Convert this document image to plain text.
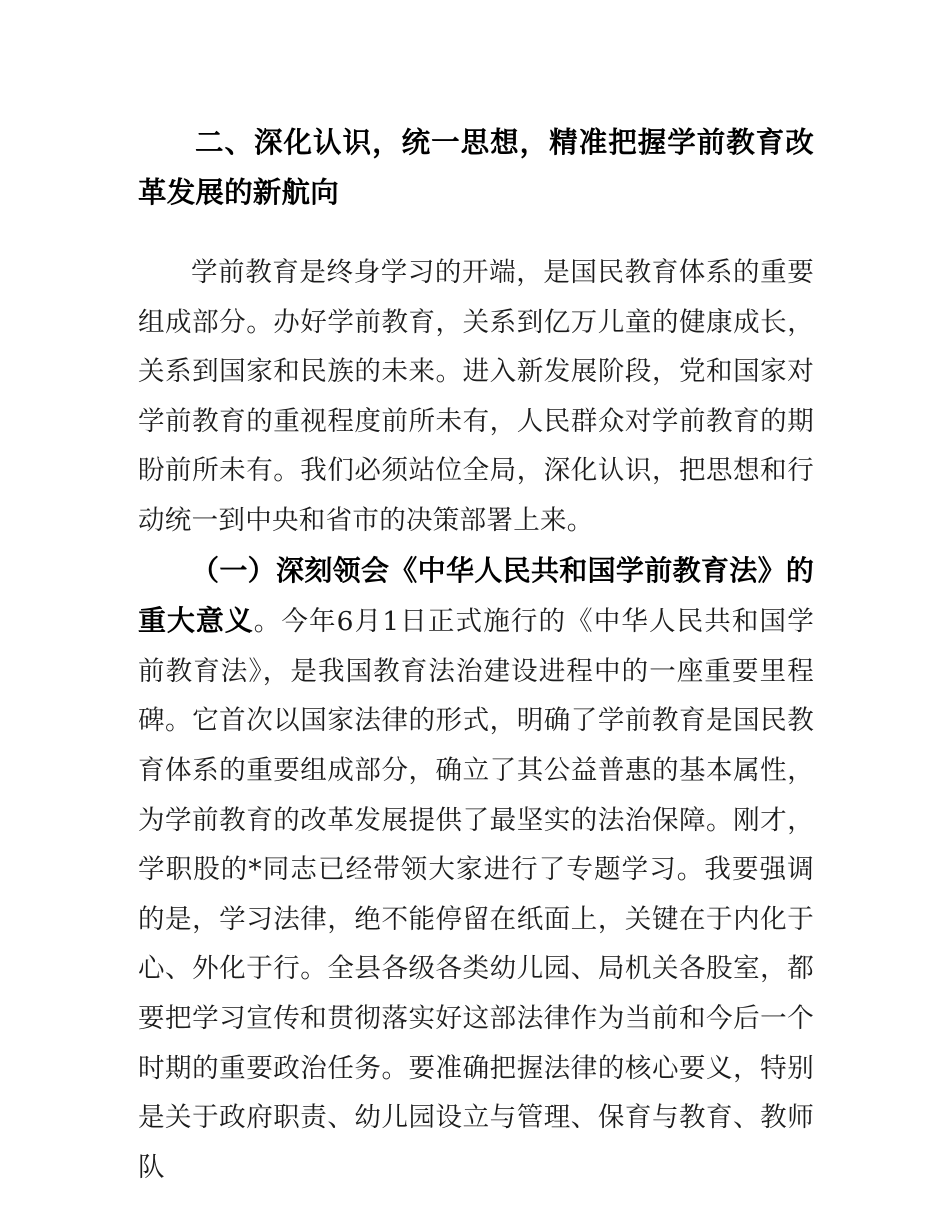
二、深化认识，统一思想，精准把握学前教育改革发展的新航向

学前教育是终身学习的开端，是国民教育体系的重要组成部分。办好学前教育，关系到亿万儿童的健康成长，关系到国家和民族的未来。进入新发展阶段，党和国家对学前教育的重视程度前所未有，人民群众对学前教育的期盼前所未有。我们必须站位全局，深化认识，把思想和行动统一到中央和省市的决策部署上来。

（一）深刻领会《中华人民共和国学前教育法》的重大意义。今年6月1日正式施行的《中华人民共和国学前教育法》，是我国教育法治建设进程中的一座重要里程碑。它首次以国家法律的形式，明确了学前教育是国民教育体系的重要组成部分，确立了其公益普惠的基本属性，为学前教育的改革发展提供了最坚实的法治保障。刚才，学职股的*同志已经带领大家进行了专题学习。我要强调的是，学习法律，绝不能停留在纸面上，关键在于内化于心、外化于行。全县各级各类幼儿园、局机关各股室，都要把学习宣传和贯彻落实好这部法律作为当前和今后一个时期的重要政治任务。要准确把握法律的核心要义，特别是关于政府职责、幼儿园设立与管理、保育与教育、教师队
